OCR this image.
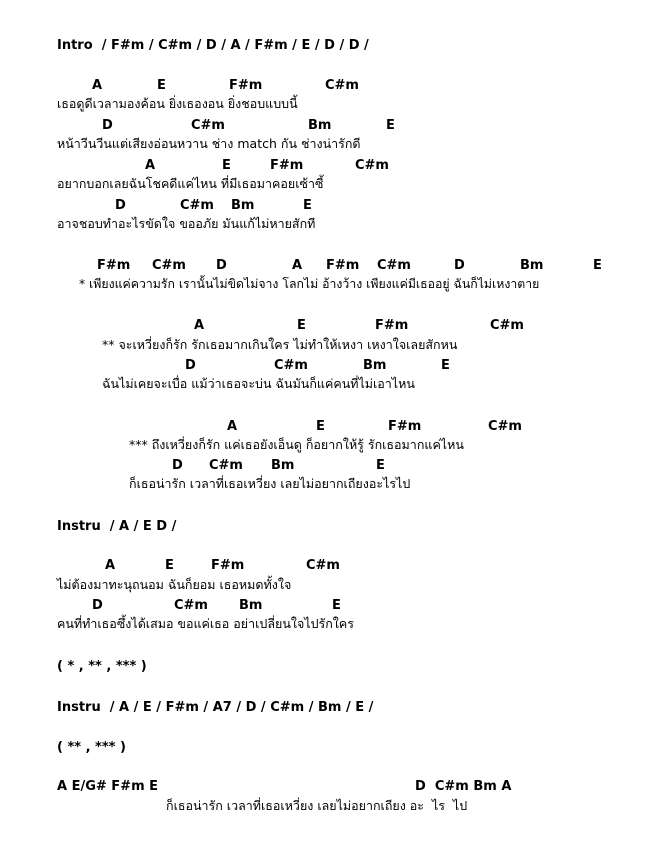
Intro  / F#m / C#m / D / A / F#m / E / D / D /
A	E	F#m	C#m
เธอดูดีเวลามองค้อน ยิ่งเธองอน ยิ่งชอบแบบนี้
D	C#m	Bm	E
หน้าวีนวีนแต่เสียงอ่อนหวาน ช่าง match กัน ช่างน่ารักดี
A	E	F#m	C#m
อยากบอกเลยฉันโชคดีแค่ไหน ที่มีเธอมาคอยเซ้าซี้
D	C#m Bm	E
อาจชอบทำอะไรขัดใจ ขออภัย มันแก้ไม่หายสักที
F#m C#m D	A F#m C#m	D	Bm	E
* เพียงแค่ความรัก เรานั้นไม่ขิดไม่จาง โลกไม่ อ้างว้าง เพียงแค่มีเธออยู่ ฉันก็ไม่เหงาตาย
A	E	F#m	C#m
** จะเหวี่ยงก็รัก รักเธอมากเกินใคร ไม่ทำให้เหงา เหงาใจเลยสักหน
D	C#m	Bm	E
ฉันไม่เคยจะเบื่อ แม้ว่าเธอจะบ่น ฉันมันก็แค่คนที่ไม่เอาไหน
A	E	F#m	C#m
*** ถึงเหวี่ยงก็รัก แค่เธอยังเอ็นดู ก็อยากให้รู้ รักเธอมากแค่ไหน
D C#m Bm	E
ก็เธอน่ารัก เวลาที่เธอเหวี่ยง เลยไม่อยากเถียงอะไรไป
Instru  / A / E D /
A	E	F#m	C#m
ไม่ต้องมาทะนุถนอม ฉันก็ยอม เธอหมดทั้งใจ
D	C#m Bm	E
คนที่ทำเธอซึ้งได้เสมอ ขอแค่เธอ อย่าเปลี่ยนใจไปรักใคร
( * , ** , *** )
Instru  / A / E / F#m / A7 / D / C#m / Bm / E /
( ** , *** )
A E/G# F#m E	D  C#m Bm A
ก็เธอน่ารัก เวลาที่เธอเหวี่ยง เลยไม่อยากเถียง อะ  ไร  ไป
